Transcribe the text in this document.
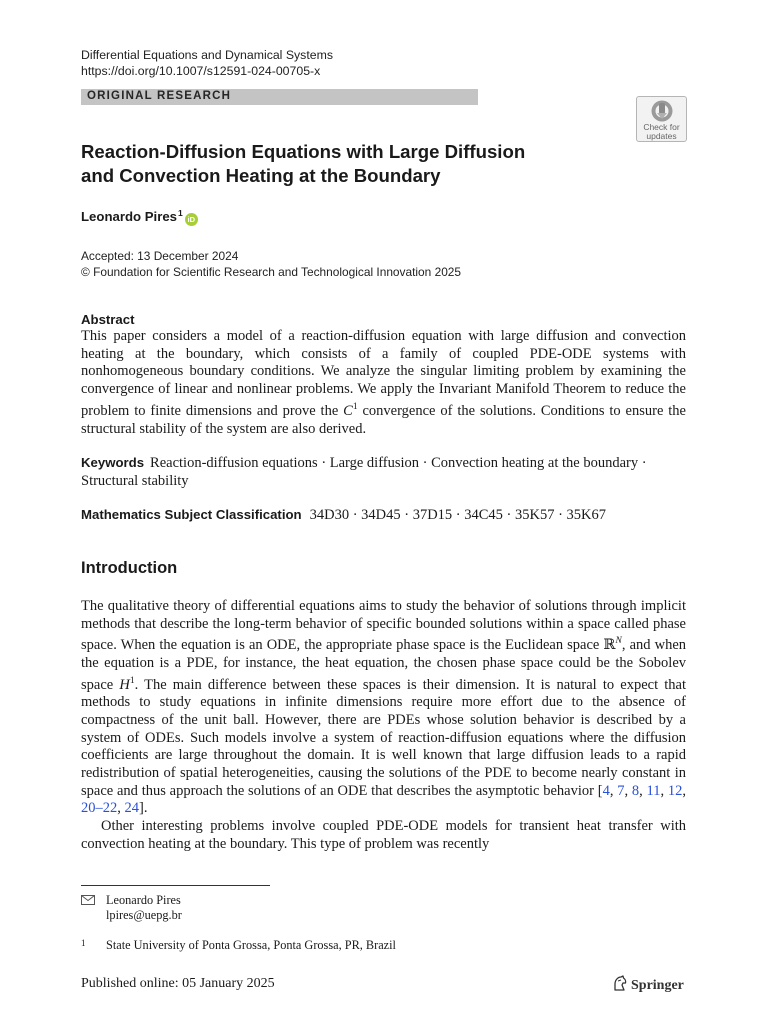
Differential Equations and Dynamical Systems
https://doi.org/10.1007/s12591-024-00705-x
ORIGINAL RESEARCH
Check for
updates
Reaction-Diffusion Equations with Large Diffusion
and Convection Heating at the Boundary
Leonardo Pires$^1$iD
Accepted: 13 December 2024
© Foundation for Scientific Research and Technological Innovation 2025
Abstract
This paper considers a model of a reaction-diffusion equation with large diffusion and convection heating at the boundary, which consists of a family of coupled PDE-ODE systems with nonhomogeneous boundary conditions. We analyze the singular limiting problem by examining the convergence of linear and nonlinear problems. We apply the Invariant Manifold Theorem to reduce the problem to finite dimensions and prove the $C^1$ convergence of the solutions. Conditions to ensure the structural stability of the system are also derived.
Keywords Reaction-diffusion equations · Large diffusion · Convection heating at the boundary · Structural stability
Mathematics Subject Classification 34D30 · 34D45 · 37D15 · 34C45 · 35K57 · 35K67
Introduction

The qualitative theory of differential equations aims to study the behavior of solutions through implicit methods that describe the long-term behavior of specific bounded solutions within a space called phase space. When the equation is an ODE, the appropriate phase space is the Euclidean space ℝ$^N$, and when the equation is a PDE, for instance, the heat equation, the chosen phase space could be the Sobolev space $H^1$. The main difference between these spaces is their dimension. It is natural to expect that methods to study equations in infinite dimensions require more effort due to the absence of compactness of the unit ball. However, there are PDEs whose solution behavior is described by a system of ODEs. Such models involve a system of reaction-diffusion equations where the diffusion coefficients are large throughout the domain. It is well known that large diffusion leads to a rapid redistribution of spatial heterogeneities, causing the solutions of the PDE to become nearly constant in space and thus approach the solutions of an ODE that describes the asymptotic behavior [4, 7, 8, 11, 12, 20–22, 24].

Other interesting problems involve coupled PDE-ODE models for transient heat transfer with convection heating at the boundary. This type of problem was recently

Leonardo Pires
lpires@uepg.br
1 State University of Ponta Grossa, Ponta Grossa, PR, Brazil
Published online: 05 January 2025	Springer
